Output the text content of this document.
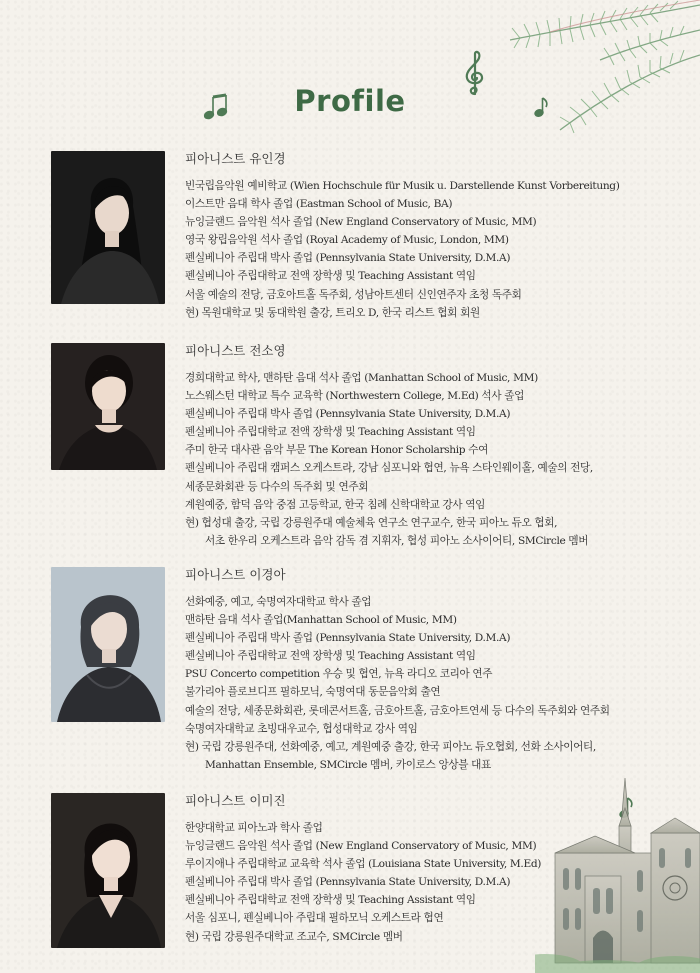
Profile
피아니스트 유인경
빈국립음악원 예비학교 (Wien Hochschule für Musik u. Darstellende Kunst Vorbereitung)
이스트만 음대 학사 졸업 (Eastman School of Music, BA)
뉴잉글랜드 음악원 석사 졸업 (New England Conservatory of Music, MM)
영국 왕립음악원 석사 졸업 (Royal Academy of Music, London, MM)
펜실베니아 주립대 박사 졸업 (Pennsylvania State University, D.M.A)
펜실베니아 주립대학교 전액 장학생 및 Teaching Assistant 역임
서울 예술의 전당, 금호아트홀 독주회, 성남아트센터 신인연주자 초청 독주회
현) 목원대학교 및 동대학원 출강, 트리오 D, 한국 리스트 협회 회원
피아니스트 전소영
경희대학교 학사, 맨하탄 음대 석사 졸업 (Manhattan School of Music, MM)
노스웨스턴 대학교 특수 교육학 (Northwestern College, M.Ed) 석사 졸업
펜실베니아 주립대 박사 졸업 (Pennsylvania State University, D.M.A)
펜실베니아 주립대학교 전액 장학생 및 Teaching Assistant 역임
주미 한국 대사관 음악 부문 The Korean Honor Scholarship 수여
펜실베니아 주립대 캠퍼스 오케스트라, 강남 심포니와 협연, 뉴욕 스타인웨이홀, 예술의 전당,
세종문화회관 등 다수의 독주회 및 연주회
계원예중, 함덕 음악 중점 고등학교, 한국 침례 신학대학교 강사 역임
현) 협성대 출강, 국립 강릉원주대 예술체육 연구소 연구교수, 한국 피아노 듀오 협회,
서초 한우리 오케스트라 음악 감독 겸 지휘자, 협성 피아노 소사이어티, SMCircle 멤버
피아니스트 이경아
선화예중, 예고, 숙명여자대학교 학사 졸업
맨하탄 음대 석사 졸업(Manhattan School of Music, MM)
펜실베니아 주립대 박사 졸업 (Pennsylvania State University, D.M.A)
펜실베니아 주립대학교 전액 장학생 및 Teaching Assistant 역임
PSU Concerto competition 우승 및 협연, 뉴욕 라디오 코리아 연주
불가리아 플로브디프 필하모닉, 숙명여대 동문음악회 출연
예술의 전당, 세종문화회관, 롯데콘서트홀, 금호아트홀, 금호아트연세 등 다수의 독주회와 연주회
숙명여자대학교 초빙대우교수, 협성대학교 강사 역임
현) 국립 강릉원주대, 선화예중, 예고, 계원예중 출강, 한국 피아노 듀오협회, 선화 소사이어티,
Manhattan Ensemble, SMCircle 멤버, 카이로스 앙상블 대표
피아니스트 이미진
한양대학교 피아노과 학사 졸업
뉴잉글랜드 음악원 석사 졸업 (New England Conservatory of Music, MM)
루이지애나 주립대학교 교육학 석사 졸업 (Louisiana State University, M.Ed)
펜실베니아 주립대 박사 졸업 (Pennsylvania State University, D.M.A)
펜실베니아 주립대학교 전액 장학생 및 Teaching Assistant 역임
서울 심포니, 펜실베니아 주립대 필하모닉 오케스트라 협연
현) 국립 강릉원주대학교 조교수, SMCircle 멤버
